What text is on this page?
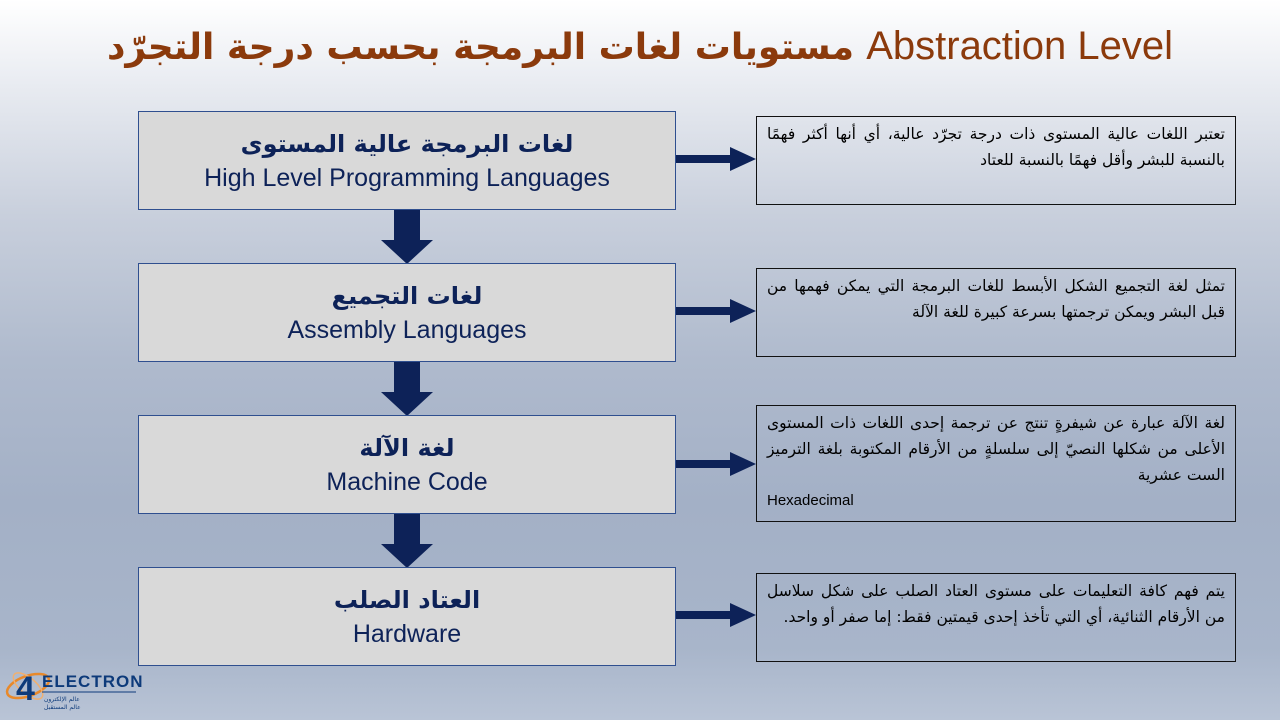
مستويات لغات البرمجة بحسب درجة التجرّد Abstraction Level
لغات البرمجة عالية المستوى
High Level Programming Languages
تعتبر اللغات عالية المستوى ذات درجة تجرّد عالية، أي أنها أكثر فهمًا بالنسبة للبشر وأقل فهمًا بالنسبة للعتاد
لغات التجميع
Assembly Languages
تمثل لغة التجميع الشكل الأبسط للغات البرمجة التي يمكن فهمها من قبل البشر ويمكن ترجمتها بسرعة كبيرة للغة الآلة
لغة الآلة
Machine Code
لغة الآلة عبارة عن شيفرةٍ تنتج عن ترجمة إحدى اللغات ذات المستوى الأعلى من شكلها النصيّ إلى سلسلةٍ من الأرقام المكتوبة بلغة الترميز الست عشرية
Hexadecimal
العتاد الصلب
Hardware
يتم فهم كافة التعليمات على مستوى العتاد الصلب على شكل سلاسل من الأرقام الثنائية، أي التي تأخذ إحدى قيمتين فقط: إما صفر أو واحد.
4 ELECTRON
عالم الإلكترون
عالم المستقبل
